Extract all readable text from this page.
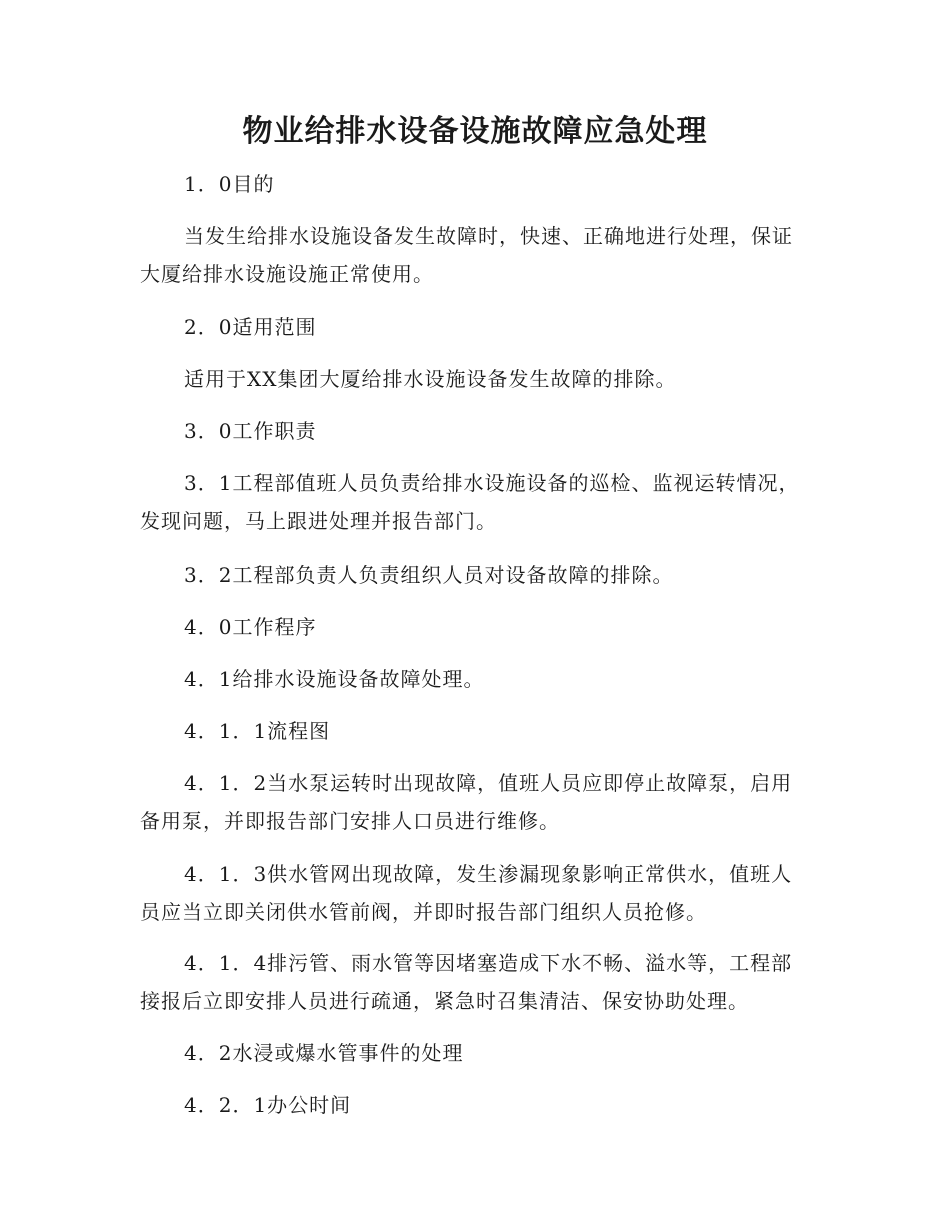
物业给排水设备设施故障应急处理

1．0目的

当发生给排水设施设备发生故障时，快速、正确地进行处理，保证大厦给排水设施设施正常使用。

2．0适用范围

适用于XX集团大厦给排水设施设备发生故障的排除。

3．0工作职责

3．1工程部值班人员负责给排水设施设备的巡检、监视运转情况，发现问题，马上跟进处理并报告部门。

3．2工程部负责人负责组织人员对设备故障的排除。

4．0工作程序

4．1给排水设施设备故障处理。

4．1．1流程图

4．1．2当水泵运转时出现故障，值班人员应即停止故障泵，启用备用泵，并即报告部门安排人口员进行维修。

4．1．3供水管网出现故障，发生渗漏现象影响正常供水，值班人员应当立即关闭供水管前阀，并即时报告部门组织人员抢修。

4．1．4排污管、雨水管等因堵塞造成下水不畅、溢水等，工程部接报后立即安排人员进行疏通，紧急时召集清洁、保安协助处理。

4．2水浸或爆水管事件的处理

4．2．1办公时间
